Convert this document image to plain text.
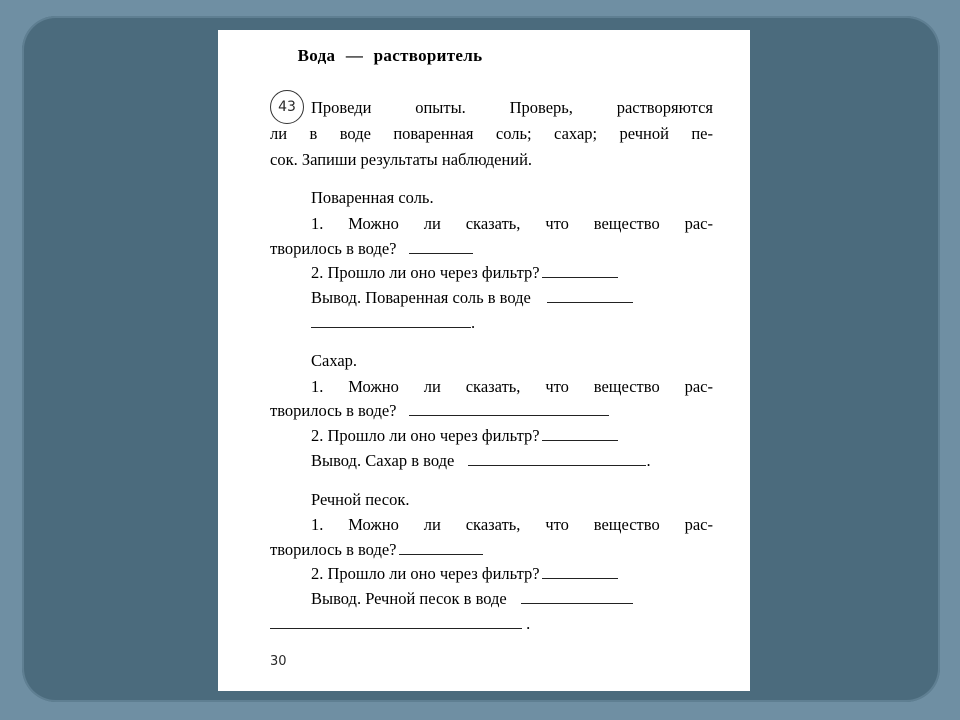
Вода — растворитель
43 Проведи опыты. Проверь, растворяются
ли в воде поваренная соль; сахар; речной пе-
сок. Запиши результаты наблюдений.
Поваренная соль.
1. Можно ли сказать, что вещество рас-
творилось в воде?
2. Прошло ли оно через фильтр?
Вывод. Поваренная соль в воде
.
Сахар.
1. Можно ли сказать, что вещество рас-
творилось в воде?
2. Прошло ли оно через фильтр?
Вывод. Сахар в воде	.
Речной песок.
1. Можно ли сказать, что вещество рас-
творилось в воде?
2. Прошло ли оно через фильтр?
Вывод. Речной песок в воде
.
30
